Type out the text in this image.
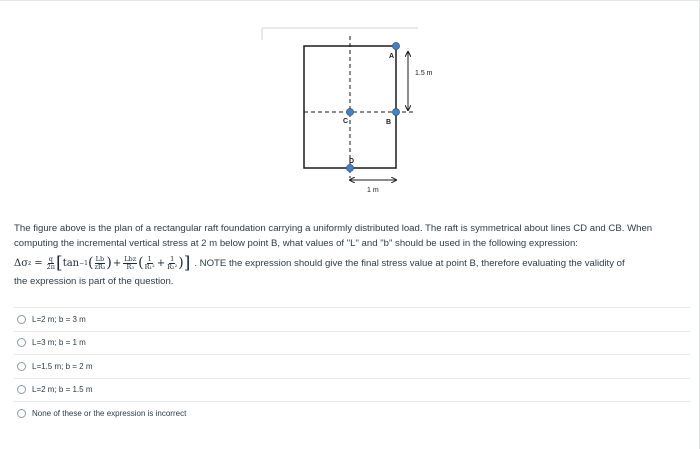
1.5 m
1 m
A
B
C
D

The figure above is the plan of a rectangular raft foundation carrying a uniformly distributed load. The raft is symmetrical about lines CD and CB. When

computing the incremental vertical stress at 2 m below point B, what values of "L" and "b" should be used in the following expression:

Δσ $z = \frac{q}{2\pi}$ [ tan −1 ( $\frac{Lb}{\text{zR₃}}$ ) + $\frac{\text{Lbz}}{\text{R₃}}$ ( $\frac{1}{\text{R₁²}} + \frac{1}{\text{R₂²}}$ ) ] . NOTE the expression should give the final stress value at point B, therefore evaluating the validity of

the expression is part of the question.

L=2 m; b = 3 m
L=3 m; b = 1 m
L=1.5 m; b = 2 m
L=2 m; b = 1.5 m
None of these or the expression is incorrect
